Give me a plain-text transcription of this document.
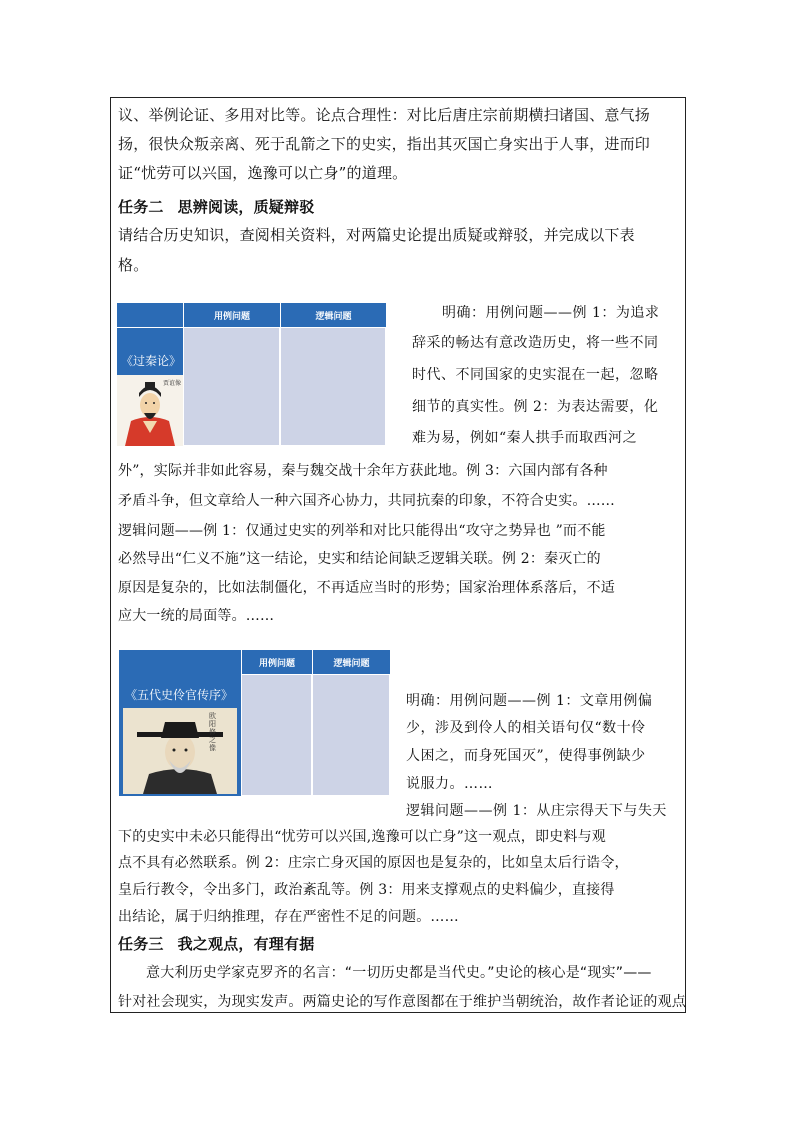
议、举例论证、多用对比等。论点合理性：对比后唐庄宗前期横扫诸国、意气扬
扬，很快众叛亲离、死于乱箭之下的史实，指出其灭国亡身实出于人事，进而印
证“忧劳可以兴国，逸豫可以亡身”的道理。
任务二 思辨阅读，质疑辩驳
请结合历史知识，查阅相关资料，对两篇史论提出质疑或辩驳，并完成以下表
格。
用例问题	逻辑问题
《过秦论》
贾谊像
明确：用例问题——例 1：为追求
辞采的畅达有意改造历史，将一些不同
时代、不同国家的史实混在一起，忽略
细节的真实性。例 2：为表达需要，化
难为易，例如“秦人拱手而取西河之
外”，实际并非如此容易，秦与魏交战十余年方获此地。例 3：六国内部有各种
矛盾斗争，但文章给人一种六国齐心协力，共同抗秦的印象，不符合史实。……
逻辑问题——例 1：仅通过史实的列举和对比只能得出“攻守之势异也 ”而不能
必然导出“仁义不施”这一结论，史实和结论间缺乏逻辑关联。例 2：秦灭亡的
原因是复杂的，比如法制僵化，不再适应当时的形势；国家治理体系落后，不适
应大一统的局面等。……
用例问题	逻辑问题
《五代史伶官传序》
欧阳修之像
明确：用例问题——例 1：文章用例偏
少，涉及到伶人的相关语句仅“数十伶
人困之，而身死国灭”，使得事例缺少
说服力。……
逻辑问题——例 1：从庄宗得天下与失天
下的史实中未必只能得出“忧劳可以兴国,逸豫可以亡身”这一观点，即史料与观
点不具有必然联系。例 2：庄宗亡身灭国的原因也是复杂的，比如皇太后行诰令，
皇后行教令，令出多门，政治紊乱等。例 3：用来支撑观点的史料偏少，直接得
出结论，属于归纳推理，存在严密性不足的问题。……
任务三 我之观点，有理有据
意大利历史学家克罗齐的名言：“一切历史都是当代史。”史论的核心是“现实”——
针对社会现实，为现实发声。两篇史论的写作意图都在于维护当朝统治，故作者论证的观点
